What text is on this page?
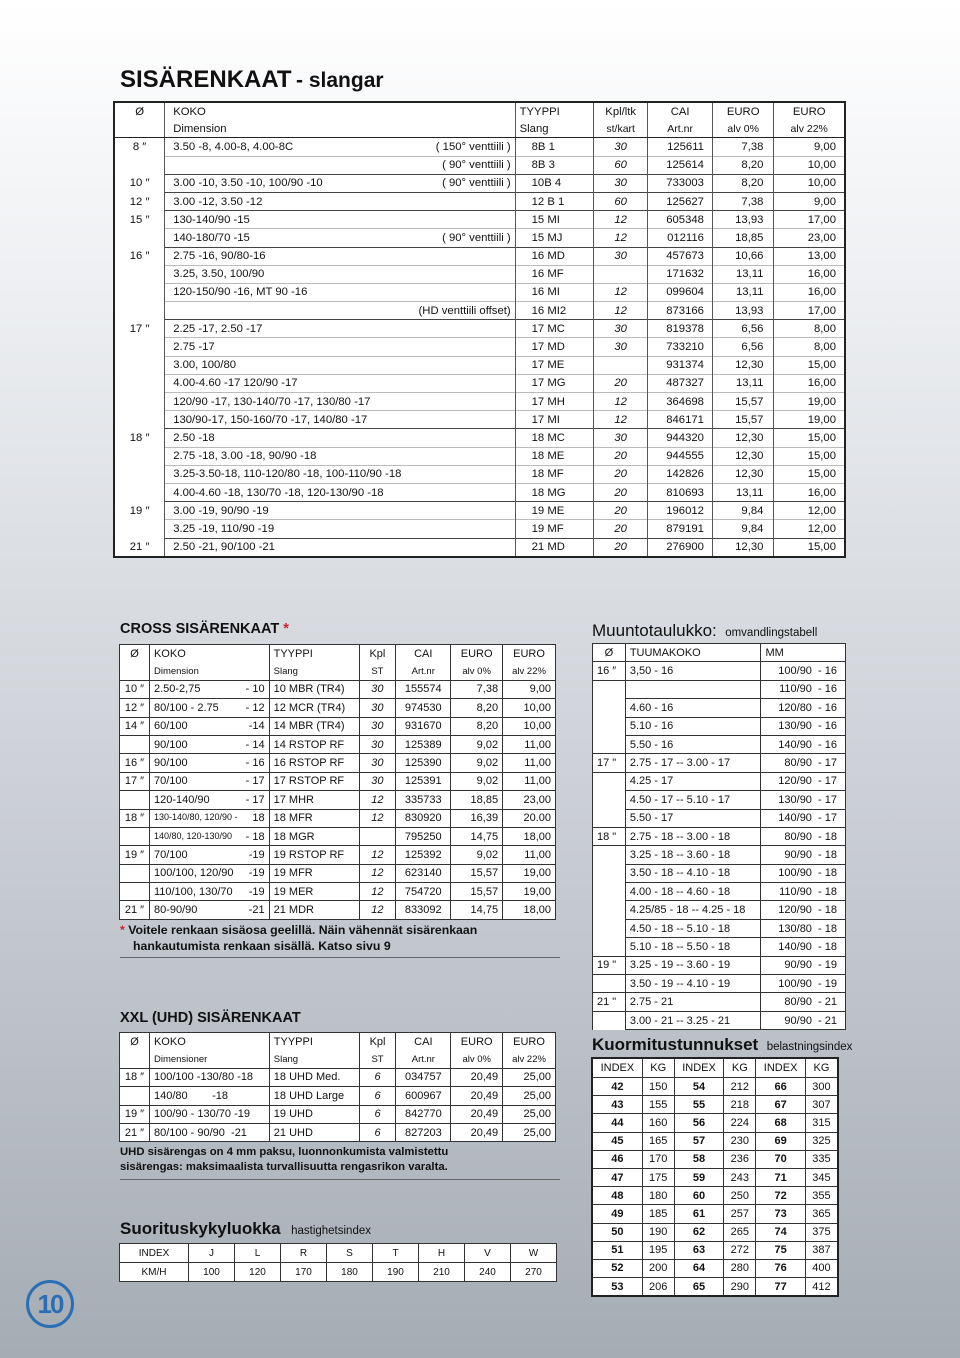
SISÄRENKAAT - slangar
Ø	KOKO		TYYPPI	Kpl/ltk	CAI	EURO	EURO
	Dimension		Slang	st/kart	Art.nr	alv 0%	alv 22%
8 ″	3.50 -8, 4.00-8, 4.00-8C	( 150° venttiili )	8B 1	30	125611	7,38	9,00
		( 90° venttiili )	8B 3	60	125614	8,20	10,00
10 ″	3.00 -10, 3.50 -10, 100/90 -10	( 90° venttiili )	10B 4	30	733003	8,20	10,00
12 ″	3.00 -12, 3.50 -12		12 B 1	60	125627	7,38	9,00
15 ″	130-140/90 -15		15 MI	12	605348	13,93	17,00
	140-180/70 -15	( 90° venttiili )	15 MJ	12	012116	18,85	23,00
16 ″	2.75 -16, 90/80-16		16 MD	30	457673	10,66	13,00
	3.25, 3.50, 100/90		16 MF		171632	13,11	16,00
	120-150/90 -16, MT 90 -16		16 MI	12	099604	13,11	16,00
		(HD venttiili offset)	16 MI2	12	873166	13,93	17,00
17 ″	2.25 -17, 2.50 -17		17 MC	30	819378	6,56	8,00
	2.75 -17		17 MD	30	733210	6,56	8,00
	3.00, 100/80		17 ME		931374	12,30	15,00
	4.00-4.60 -17 120/90 -17		17 MG	20	487327	13,11	16,00
	120/90 -17, 130-140/70 -17, 130/80 -17		17 MH	12	364698	15,57	19,00
	130/90-17, 150-160/70 -17, 140/80 -17		17 MI	12	846171	15,57	19,00
18 ″	2.50 -18		18 MC	30	944320	12,30	15,00
	2.75 -18, 3.00 -18, 90/90 -18		18 ME	20	944555	12,30	15,00
	3.25-3.50-18, 110-120/80 -18, 100-110/90 -18		18 MF	20	142826	12,30	15,00
	4.00-4.60 -18, 130/70 -18, 120-130/90 -18		18 MG	20	810693	13,11	16,00
19 ″	3.00 -19, 90/90 -19		19 ME	20	196012	9,84	12,00
	3.25 -19, 110/90 -19		19 MF	20	879191	9,84	12,00
21 ″	2.50 -21, 90/100 -21		21 MD	20	276900	12,30	15,00
CROSS SISÄRENKAAT *
Ø	KOKO	TYYPPI	Kpl	CAI	EURO	EURO
	Dimension	Slang	ST	Art.nr	alv 0%	alv 22%
10 ″	2.50-2,75 - 10	10 MBR (TR4)	30	155574	7,38	9,00
12 ″	80/100 - 2.75 - 12	12 MCR (TR4)	30	974530	8,20	10,00
14 ″	60/100 -14	14 MBR (TR4)	30	931670	8,20	10,00
	90/100 - 14	14 RSTOP RF	30	125389	9,02	11,00
16 ″	90/100 - 16	16 RSTOP RF	30	125390	9,02	11,00
17 ″	70/100 - 17	17 RSTOP RF	30	125391	9,02	11,00
	120-140/90 - 17	17 MHR	12	335733	18,85	23,00
18 ″	130-140/80, 120/90 - 18	18 MFR	12	830920	16,39	20.00
	140/80, 120-130/90 - 18	18 MGR		795250	14,75	18,00
19 ″	70/100 -19	19 RSTOP RF	12	125392	9,02	11,00
	100/100, 120/90 -19	19 MFR	12	623140	15,57	19,00
	110/100, 130/70 -19	19 MER	12	754720	15,57	19,00
21 ″	80-90/90 -21	21 MDR	12	833092	14,75	18,00
* Voitele renkaan sisäosa geelillä. Näin vähennät sisärenkaan
hankautumista renkaan sisällä. Katso sivu 9
XXL (UHD) SISÄRENKAAT
Ø	KOKO	TYYPPI	Kpl	CAI	EURO	EURO
	Dimensioner	Slang	ST	Art.nr	alv 0%	alv 22%
18 ″	100/100 -130/80 -18	18 UHD Med.	6	034757	20,49	25,00
	140/80        -18	18 UHD Large	6	600967	20,49	25,00
19 ″	100/90 - 130/70 -19	19 UHD	6	842770	20,49	25,00
21 ″	80/100 - 90/90  -21	21 UHD	6	827203	20,49	25,00
UHD sisärengas on 4 mm paksu, luonnonkumista valmistettu
sisärengas: maksimaalista turvallisuutta rengasrikon varalta.
Suorituskykyluokka hastighetsindex
INDEX	J	L	R	S	T	H	V	W
KM/H	100	120	170	180	190	210	240	270
Muuntotaulukko: omvandlingstabell
Ø	TUUMAKOKO	MM
16 ″	3,50 - 16	100/90  - 16
		110/90  - 16
	4.60 - 16	120/80  - 16
	5.10 - 16	130/90  - 16
	5.50 - 16	140/90  - 16
17 "	2.75 - 17 -- 3.00 - 17	80/90  - 17
	4.25 - 17	120/90  - 17
	4.50 - 17 -- 5.10 - 17	130/90  - 17
	5.50 - 17	140/90  - 17
18 "	2.75 - 18 -- 3.00 - 18	80/90  - 18
	3.25 - 18 -- 3.60 - 18	90/90  - 18
	3.50 - 18 -- 4.10 - 18	100/90  - 18
	4.00 - 18 -- 4.60 - 18	110/90  - 18
	4.25/85 - 18 -- 4.25 - 18	120/90  - 18
	4.50 - 18 -- 5.10 - 18	130/80  - 18
	5.10 - 18 -- 5.50 - 18	140/90  - 18
19 "	3.25 - 19 -- 3.60 - 19	90/90  - 19
	3.50 - 19 -- 4.10 - 19	100/90  - 19
21 "	2.75 - 21	80/90  - 21
	3.00 - 21 -- 3.25 - 21	90/90  - 21
Kuormitustunnukset belastningsindex
INDEX	KG	INDEX	KG	INDEX	KG
42	150	54	212	66	300
43	155	55	218	67	307
44	160	56	224	68	315
45	165	57	230	69	325
46	170	58	236	70	335
47	175	59	243	71	345
48	180	60	250	72	355
49	185	61	257	73	365
50	190	62	265	74	375
51	195	63	272	75	387
52	200	64	280	76	400
53	206	65	290	77	412
10
